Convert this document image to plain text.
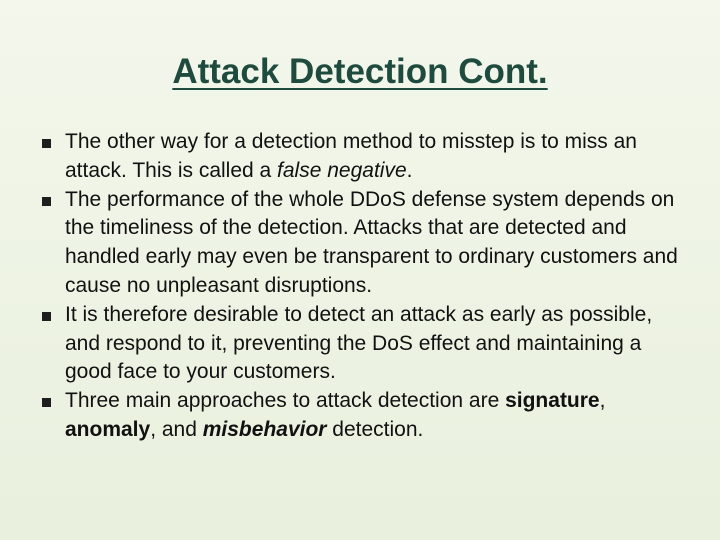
Attack Detection Cont.
The other way for a detection method to misstep is to miss an attack. This is called a false negative.
The performance of the whole DDoS defense system depends on the timeliness of the detection. Attacks that are detected and handled early may even be transparent to ordinary customers and cause no unpleasant disruptions.
It is therefore desirable to detect an attack as early as possible, and respond to it, preventing the DoS effect and maintaining a good face to your customers.
Three main approaches to attack detection are signature, anomaly, and misbehavior detection.
